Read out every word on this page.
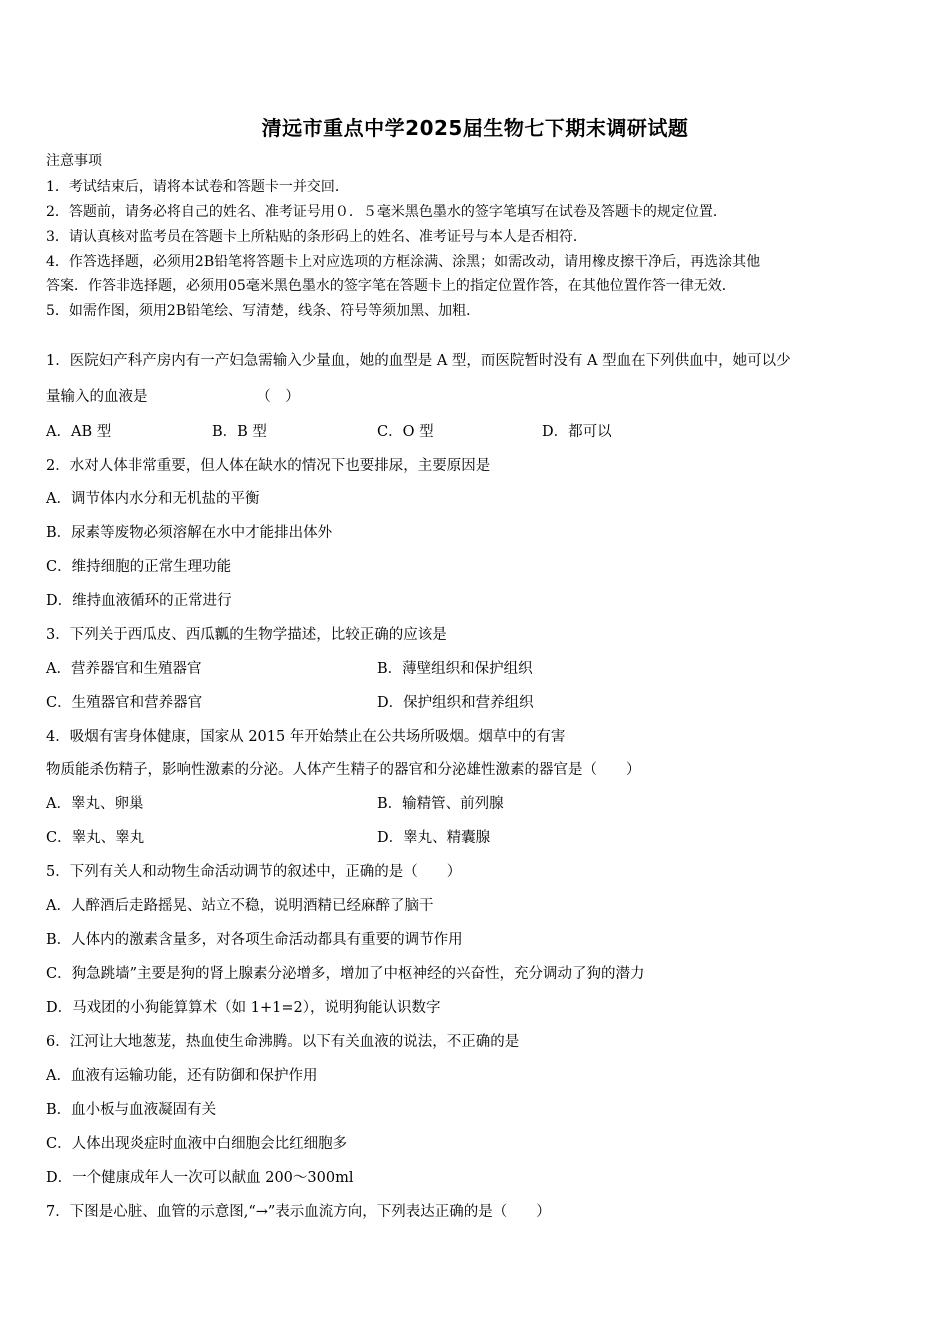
清远市重点中学2025届生物七下期末调研试题
注意事项
1．考试结束后，请将本试卷和答题卡一并交回．
2．答题前，请务必将自己的姓名、准考证号用０．５毫米黑色墨水的签字笔填写在试卷及答题卡的规定位置．
3．请认真核对监考员在答题卡上所粘贴的条形码上的姓名、准考证号与本人是否相符．
4．作答选择题，必须用2B铅笔将答题卡上对应选项的方框涂满、涂黑；如需改动，请用橡皮擦干净后，再选涂其他
答案．作答非选择题，必须用05毫米黑色墨水的签字笔在答题卡上的指定位置作答，在其他位置作答一律无效．
5．如需作图，须用2B铅笔绘、写清楚，线条、符号等须加黑、加粗．
1．医院妇产科产房内有一产妇急需输入少量血，她的血型是 A 型，而医院暂时没有 A 型血在下列供血中，她可以少
量输入的血液是　　　　　　　　（　）
A．AB 型	B．B 型	C．O 型	D．都可以
2．水对人体非常重要，但人体在缺水的情况下也要排尿，主要原因是
A．调节体内水分和无机盐的平衡
B．尿素等废物必须溶解在水中才能排出体外
C．维持细胞的正常生理功能
D．维持血液循环的正常进行
3．下列关于西瓜皮、西瓜瓤的生物学描述，比较正确的应该是
A．营养器官和生殖器官	B．薄壁组织和保护组织
C．生殖器官和营养器官	D．保护组织和营养组织
4．吸烟有害身体健康，国家从 2015 年开始禁止在公共场所吸烟。烟草中的有害
物质能杀伤精子，影响性激素的分泌。人体产生精子的器官和分泌雄性激素的器官是（　　）
A．睾丸、卵巢	B．输精管、前列腺
C．睾丸、睾丸	D．睾丸、精囊腺
5．下列有关人和动物生命活动调节的叙述中，正确的是（　　）
A．人醉酒后走路摇晃、站立不稳，说明酒精已经麻醉了脑干
B．人体内的激素含量多，对各项生命活动都具有重要的调节作用
C．狗急跳墙”主要是狗的肾上腺素分泌增多，增加了中枢神经的兴奋性，充分调动了狗的潜力
D．马戏团的小狗能算算术（如 1+1=2），说明狗能认识数字
6．江河让大地葱茏，热血使生命沸腾。以下有关血液的说法，不正确的是
A．血液有运输功能，还有防御和保护作用
B．血小板与血液凝固有关
C．人体出现炎症时血液中白细胞会比红细胞多
D．一个健康成年人一次可以献血 200～300ml
7．下图是心脏、血管的示意图,“→”表示血流方向，下列表达正确的是（　　）
